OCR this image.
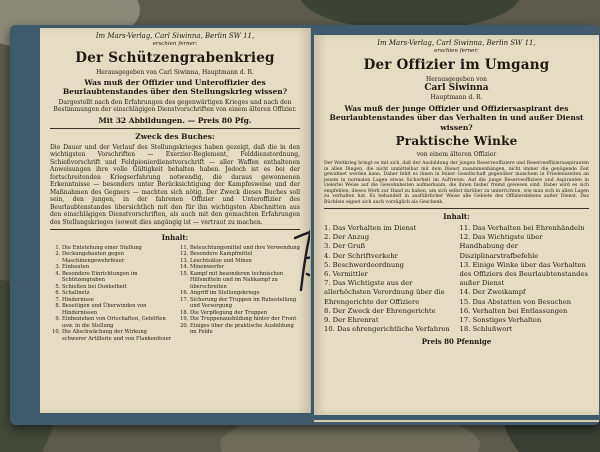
Im Mars-Verlag, Carl Siwinna, Berlin SW 11,
erschien ferner:
Der Schützengrabenkrieg
Herausgegeben von Carl Siwinna, Hauptmann d. R.
Was muß der Offizier und Unteroffizier des Beurlaubtenstandes über den Stellungskrieg wissen?
Dargestellt nach den Erfahrungen des gegenwärtigen Krieges und nach den Bestimmungen der einschlägigen Dienstvorschriften von einem älteren Offizier.
Mit 32 Abbildungen. — Preis 80 Pfg.
Zweck des Buches:
Die Dauer und der Verlauf des Stellungskrieges haben gezeigt, daß die in den wichtigsten Vorschriften — Exerzier-Reglement, Felddienstordnung, Schießvorschrift und Feldpionierdienstvorschrift — aller Waffen enthaltenen Anweisungen ihre volle Gültigkeit behalten haben. Jedoch ist es bei der fortschreitenden Kriegserfahrung notwendig, die daraus gewonnenen Erkenntnisse — besonders unter Berücksichtigung der Kampfesweise und der Maßnahmen des Gegners — machten sich nötig. Der Zweck dieses Buches soll sein, den jungen, in der fahrenen Offizier und Unteroffizier des Beurlaubtenstandes übersichtlich mit den für ihn wichtigsten Abschnitten aus den einschlägigen Dienstvorschriften, als auch mit den gemachten Erfahrungen des Stellungskrieges (soweit dies angängig ist — vertraut zu machen.
Inhalt:
1. Die Entstehung einer Stellung
2. Deckungsbauten gegen Maschinengewehrfeuer
3. Einbauten
4. Besondere Einrichtungen im Schützengraben
5. Schießen bei Dunkelheit
6. Schallnetz
7. Hindernisse
8. Beseitigen und Überwinden von Hindernissen
9. Einbeziehen von Ortschaften, Gehöften usw. in die Stellung
10. Die Abschwächung der Wirkung schwerer Artillerie und von Flankenfeuer
11. Beleuchtungsmittel und ihre Verwendung
12. Besondere Kampfmittel
13. Leuchtsätze und Minen
14. Minenwerfer
15. Kampf mit besonderen technischen Hilfsmitteln und im Nahkampf zu überschreiten
16. Angriff im Stellungskriege
17. Sicherung der Truppen im Ruhestellung und Versorgung
18. Die Verpflegung der Truppen
19. Die Truppenausbildung hinter der Front
20. Einiges über die praktische Ausbildung im Felde
Im Mars-Verlag, Carl Siwinna, Berlin SW 11,
erschien ferner:
Der Offizier im Umgang
Herausgegeben von
Carl Siwinna
Hauptmann d. R.
Was muß der junge Offizier und Offiziersaspirant des Beurlaubtenstandes über das Verhalten in und außer Dienst wissen?
Praktische Winke
von einem älteren Offizier
Der Weltkrieg bringt es mit sich, daß der Ausbildung der jungen Reserveoffiziere und Reserveoffiziersaspiranten in allen Dingen, die nicht unmittelbar mit dem Dienst zusammenhängen, nicht immer die genügende Zeit gewidmet werden kann. Daher fehlt es ihnen in feiner Gesellschaft gegenüber manchem in Friedenszeiten an jenem in normalen Lagen etwas Sicherheit im Auftreten. Auf die junge Reserveoffiziere und Aspiranten in vielerlei Weise auf die Gewohnheiten aufmerksam, die ihnen bisher fremd gewesen sind. Dabei wird es sich empfehlen, dieses Werk zur Hand zu haben, um sich selbst darüber zu unterrichten, wie man sich in allen Lagen zu verhalten hat. Es behandelt in ausführlicher Weise alle Gebiete des Offizierslebens außer Dienst. Das Büchlein eignet sich auch vorzüglich als Geschenk.
Inhalt:
1. Das Verhalten im Dienst
2. Der Anzug
3. Der Gruß
4. Der Schriftverkehr
5. Beschwerdeordnung
6. Vermittler
7. Das Wichtigste aus der allerhöchsten Verordnung über die Ehrengerichte der Offiziere
8. Der Zweck der Ehrengerichte
9. Der Ehrenrat
10. Das ehrengerichtliche Verfahren
11. Das Verhalten bei Ehrenhändeln
12. Das Wichtigste über Handhabung der Disziplinarstrafbefehle
13. Einige Winke über das Verhalten des Offiziers des Beurlaubtenstandes außer Dienst
14. Der Zweikampf
15. Das Abstatten von Besuchen
16. Verhalten bei Entlassungen
17. Sonstiges Verhalten
18. Schlußwort
Preis 80 Pfennige
